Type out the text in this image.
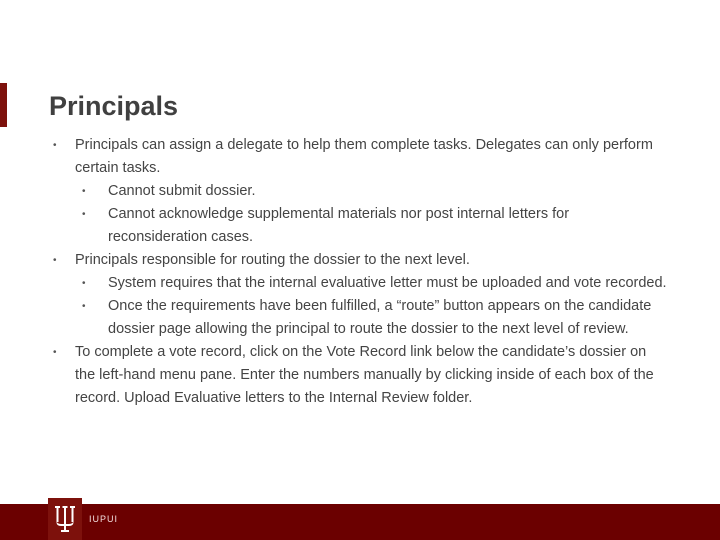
Principals
• Principals can assign a delegate to help them complete tasks. Delegates can only perform certain tasks.
• Cannot submit dossier.
• Cannot acknowledge supplemental materials nor post internal letters for reconsideration cases.
• Principals responsible for routing the dossier to the next level.
• System requires that the internal evaluative letter must be uploaded and vote recorded.
• Once the requirements have been fulfilled, a “route” button appears on the candidate dossier page allowing the principal to route the dossier to the next level of review.
• To complete a vote record, click on the Vote Record link below the candidate’s dossier on the left-hand menu pane. Enter the numbers manually by clicking inside of each box of the record. Upload Evaluative letters to the Internal Review folder.
IUPUI
